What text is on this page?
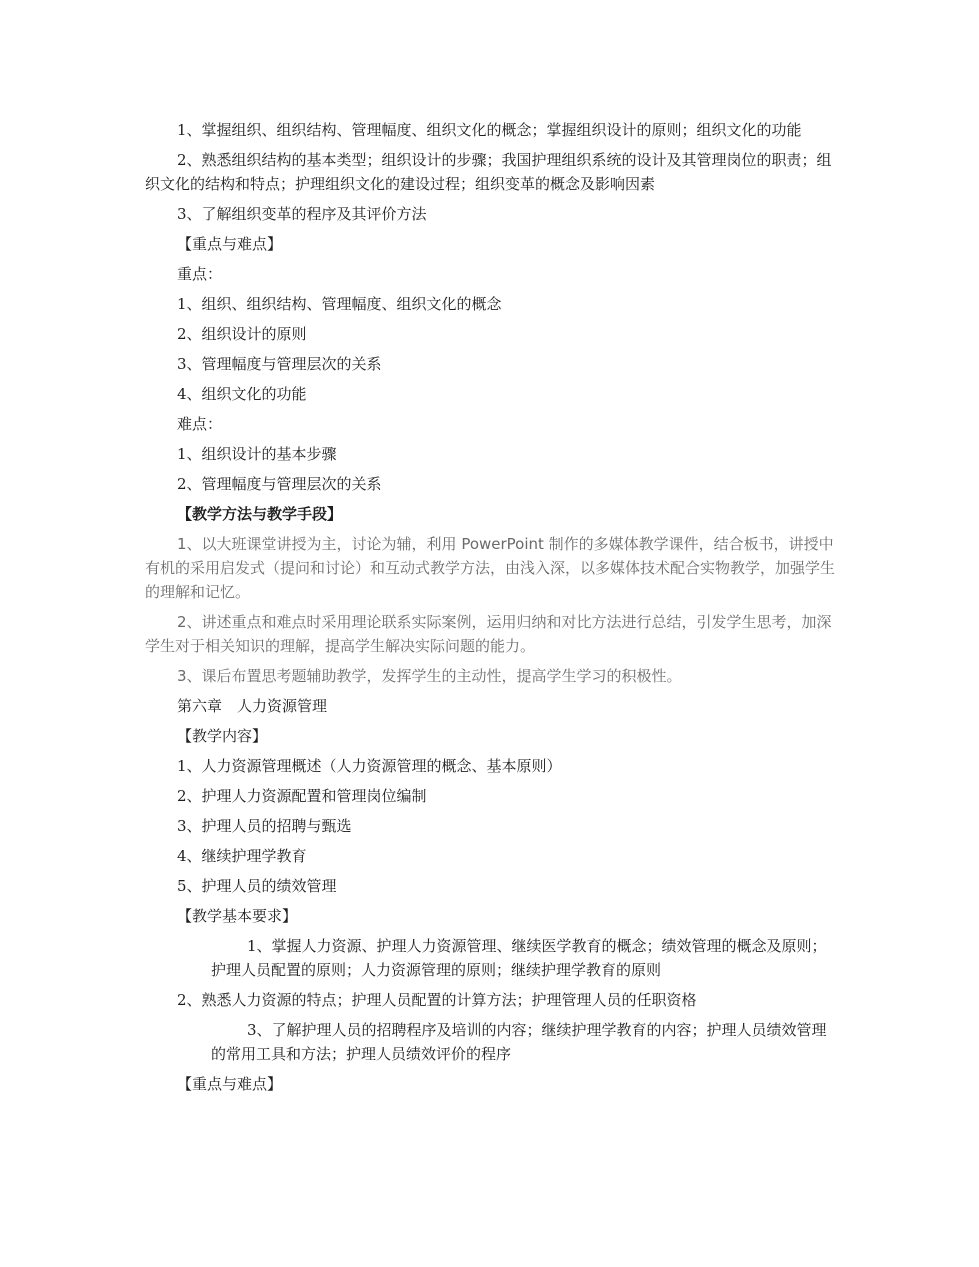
1、掌握组织、组织结构、管理幅度、组织文化的概念；掌握组织设计的原则；组织文化的功能

2、熟悉组织结构的基本类型；组织设计的步骤；我国护理组织系统的设计及其管理岗位的职责；组织文化的结构和特点；护理组织文化的建设过程；组织变革的概念及影响因素

3、了解组织变革的程序及其评价方法

【重点与难点】

重点：

1、组织、组织结构、管理幅度、组织文化的概念

2、组织设计的原则

3、管理幅度与管理层次的关系

4、组织文化的功能

难点：

1、组织设计的基本步骤

2、管理幅度与管理层次的关系

【教学方法与教学手段】

1、以大班课堂讲授为主，讨论为辅，利用 PowerPoint 制作的多媒体教学课件，结合板书，讲授中有机的采用启发式（提问和讨论）和互动式教学方法，由浅入深，以多媒体技术配合实物教学，加强学生的理解和记忆。

2、讲述重点和难点时采用理论联系实际案例，运用归纳和对比方法进行总结，引发学生思考，加深学生对于相关知识的理解，提高学生解决实际问题的能力。

3、课后布置思考题辅助教学，发挥学生的主动性，提高学生学习的积极性。

第六章　人力资源管理

【教学内容】

1、人力资源管理概述（人力资源管理的概念、基本原则）

2、护理人力资源配置和管理岗位编制

3、护理人员的招聘与甄选

4、继续护理学教育

5、护理人员的绩效管理

【教学基本要求】

1、掌握人力资源、护理人力资源管理、继续医学教育的概念；绩效管理的概念及原则；护理人员配置的原则；人力资源管理的原则；继续护理学教育的原则

2、熟悉人力资源的特点；护理人员配置的计算方法；护理管理人员的任职资格

3、了解护理人员的招聘程序及培训的内容；继续护理学教育的内容；护理人员绩效管理的常用工具和方法；护理人员绩效评价的程序

【重点与难点】
